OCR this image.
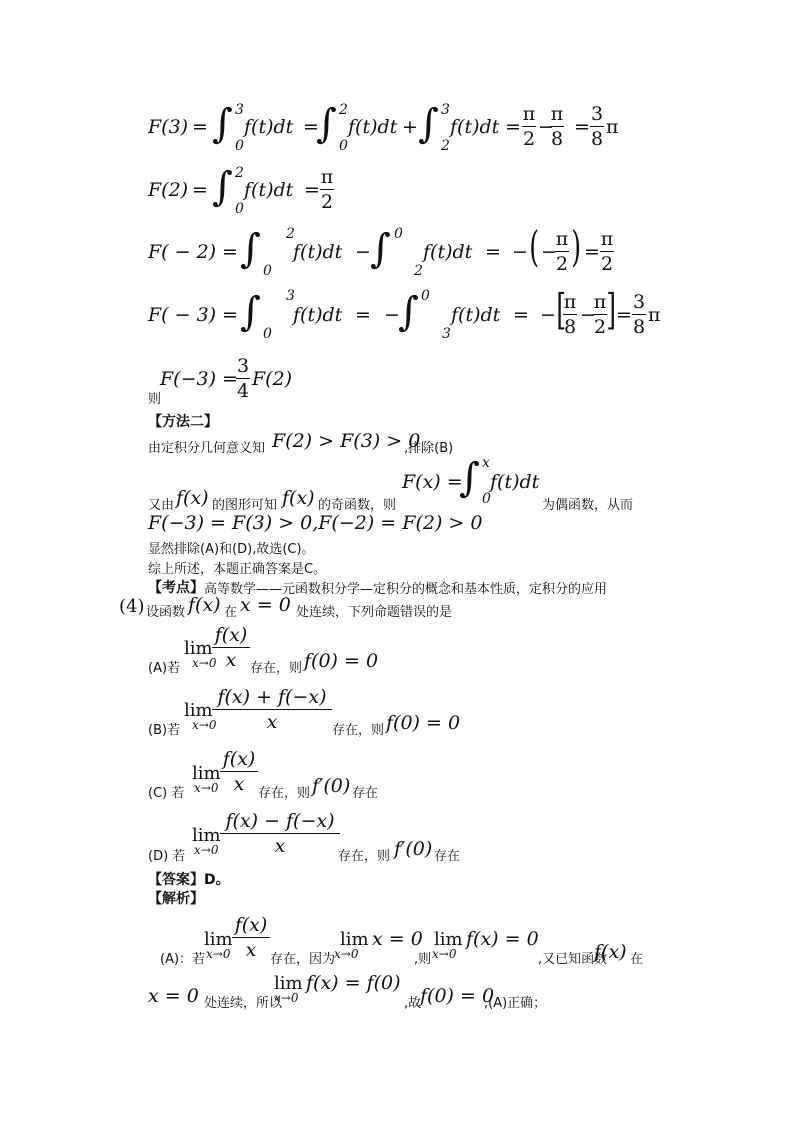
F(3) = ∫ 3
0
f(t)dt =
∫ 2
0
f(t)dt + ∫ 3
2
f(t)dt =
π
2
−
π
8
=
3
8
π
F(2) = ∫ 2
0
f(t)dt =
π
2
F( − 2) = ∫ 2
0
f(t)dt − ∫ 0
2
f(t)dt = − ( −
π
2 ) =
π
2
F( − 3) = ∫ 3
0
f(t)dt = −
∫ 0
3
f(t)dt = − [
π
8
−
π
2 ] =
3
8
π
F(−3) =
3
4
F(2)
则
【方法二】
由定积分几何意义知 F(2) > F(3) > 0
,排除(B)
F(x) =
∫ x
0
f(t)dt
又由 f(x) 的图形可知 f(x) 的奇函数，则	为偶函数，从而
F(−3) = F(3) > 0,F(−2) = F(2) > 0
显然排除(A)和(D),故选(C)。
综上所述，本题正确答案是C。
【考点】 高等数学——元函数积分学—定积分的概念和基本性质，定积分的应用
(4) 设函数 f(x) 在 x = 0 处连续，下列命题错误的是
lim
x→0
f(x)
x
(A)若	存在，则 f(0) = 0
lim
x→0
f(x) + f(−x)
x
(B)若	存在，则 f(0) = 0
lim
x→0
f(x)
x
(C) 若	存在，则 f′(0) 存在
lim
x→0
f(x) − f(−x)
x
(D) 若	存在，则 f′(0) 存在
【答案】D。
【解析】
lim
x→0
f(x)
x
(A)：若	存在，因为
lim
x→0
x = 0
,则
lim
x→0
f(x) = 0
,又已知函数
f(x) 在
x = 0 处连续，所以
lim
x→0
f(x) = f(0)
,故
f(0) = 0
,(A)正确；
